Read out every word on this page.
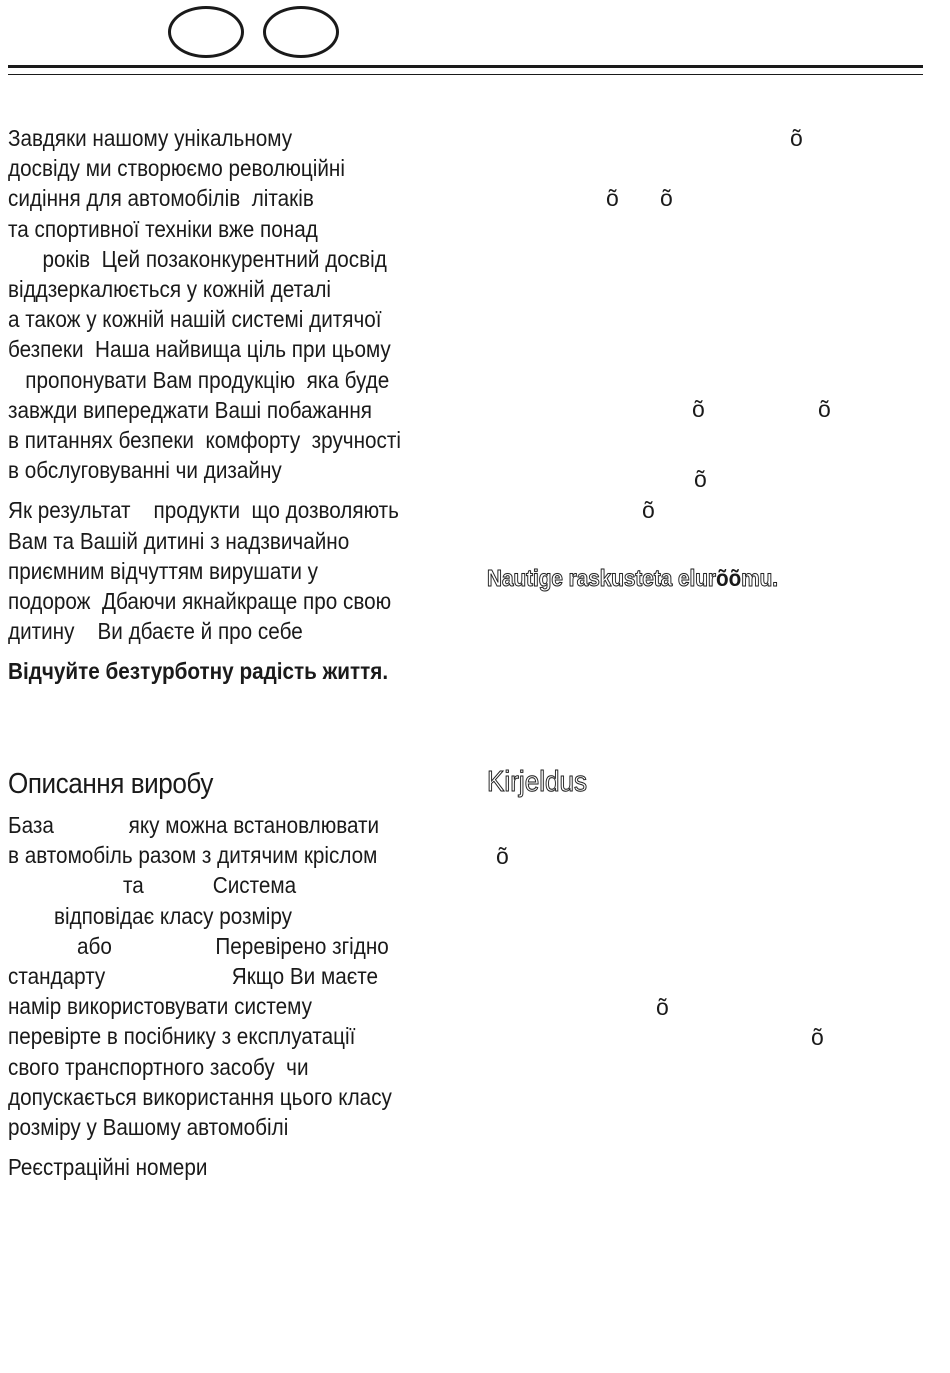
Завдяки нашому унікальному
досвіду ми створюємо революційні
сидіння для автомобілів  літаків
та спортивної техніки вже понад
років  Цей позаконкурентний досвід
віддзеркалюється у кожній деталі
а також у кожній нашій системі дитячої
безпеки  Наша найвища ціль при цьому
пропонувати Вам продукцію  яка буде
завжди випереджати Ваші побажання
в питаннях безпеки  комфорту  зручності
в обслуговуванні чи дизайну

Як результат    продукти  що дозволяють
Вам та Вашій дитині з надзвичайно
приємним відчуттям вирушати у
подорож  Дбаючи якнайкраще про свою
дитину    Ви дбаєте й про себе

Відчуйте безтурботну радість життя.

Описання виробу

База             яку можна встановлювати
в автомобіль разом з дитячим кріслом
та            Система
відповідає класу розміру
або                  Перевірено згідно
стандарту                      Якщо Ви маєте
намір використовувати систему
перевірте в посібнику з експлуатації
свого транспортного засобу  чи
допускається використання цього класу
розміру у Вашому автомобілі

Реєстраційні номери

Nautige raskusteta elurõõmu.

Kirjeldus
õ
õ õ
õ	õ
õ
õ
õ
õ
õ
